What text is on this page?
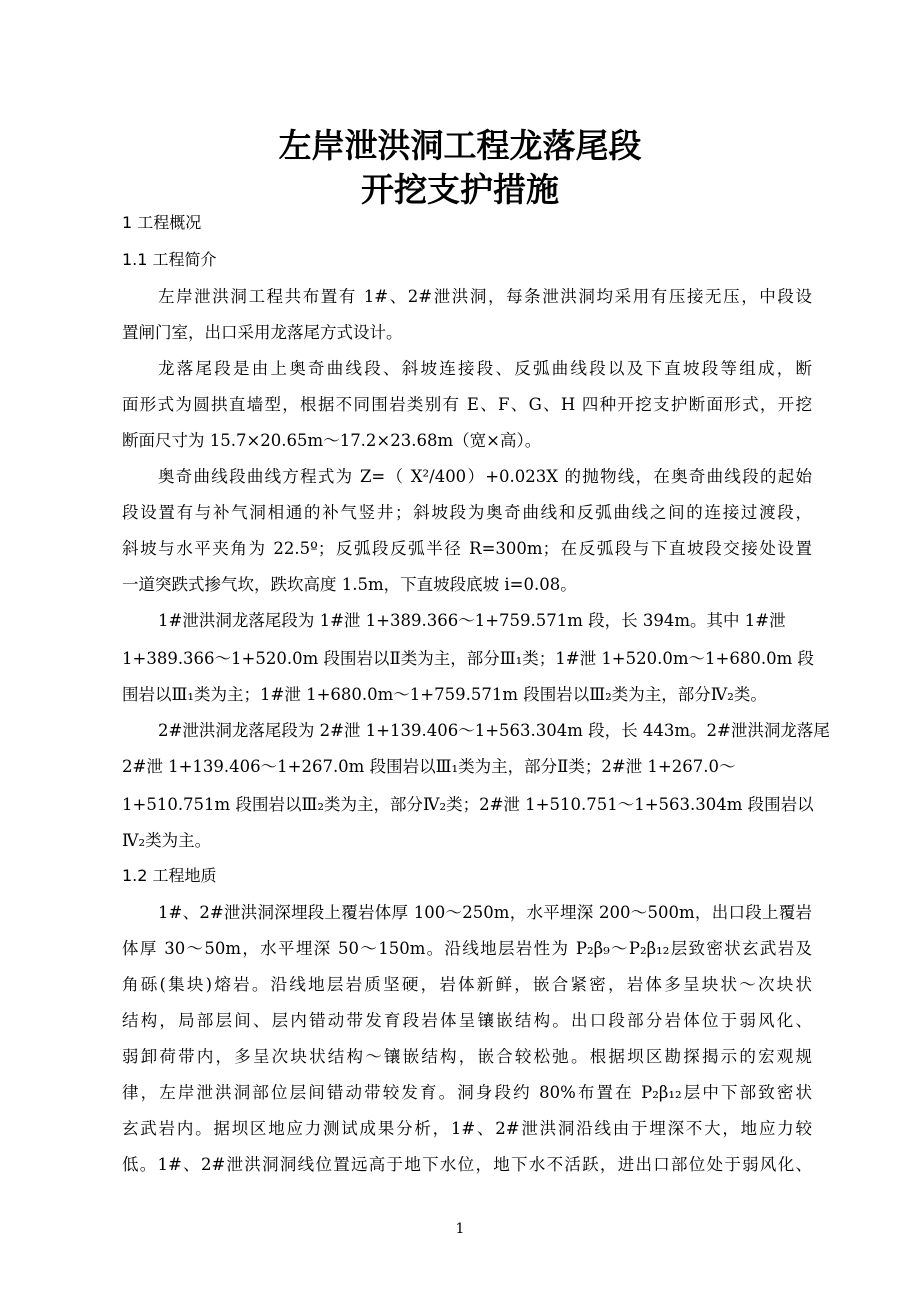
左岸泄洪洞工程龙落尾段
开挖支护措施
1 工程概况
1.1 工程简介
左岸泄洪洞工程共布置有 1#、2#泄洪洞，每条泄洪洞均采用有压接无压，中段设
置闸门室，出口采用龙落尾方式设计。
龙落尾段是由上奥奇曲线段、斜坡连接段、反弧曲线段以及下直坡段等组成，断
面形式为圆拱直墙型，根据不同围岩类别有 E、F、G、H 四种开挖支护断面形式，开挖
断面尺寸为 15.7×20.65m～17.2×23.68m（宽×高）。
奥奇曲线段曲线方程式为 Z=（ X²/400）+0.023X 的抛物线，在奥奇曲线段的起始
段设置有与补气洞相通的补气竖井；斜坡段为奥奇曲线和反弧曲线之间的连接过渡段，
斜坡与水平夹角为 22.5º；反弧段反弧半径 R=300m；在反弧段与下直坡段交接处设置
一道突跌式掺气坎，跌坎高度 1.5m，下直坡段底坡 i=0.08。
1#泄洪洞龙落尾段为 1#泄 1+389.366～1+759.571m 段，长 394m。其中 1#泄
1+389.366～1+520.0m 段围岩以Ⅱ类为主，部分Ⅲ₁类；1#泄 1+520.0m～1+680.0m 段
围岩以Ⅲ₁类为主；1#泄 1+680.0m～1+759.571m 段围岩以Ⅲ₂类为主，部分Ⅳ₂类。
2#泄洪洞龙落尾段为 2#泄 1+139.406～1+563.304m 段，长 443m。2#泄洪洞龙落尾
2#泄 1+139.406～1+267.0m 段围岩以Ⅲ₁类为主，部分Ⅱ类；2#泄 1+267.0～
1+510.751m 段围岩以Ⅲ₂类为主，部分Ⅳ₂类；2#泄 1+510.751～1+563.304m 段围岩以
Ⅳ₂类为主。
1.2 工程地质
1#、2#泄洪洞深埋段上覆岩体厚 100～250m，水平埋深 200～500m，出口段上覆岩
体厚 30～50m，水平埋深 50～150m。沿线地层岩性为 P₂β₉～P₂β₁₂层致密状玄武岩及
角砾(集块)熔岩。沿线地层岩质坚硬，岩体新鲜，嵌合紧密，岩体多呈块状～次块状
结构，局部层间、层内错动带发育段岩体呈镶嵌结构。出口段部分岩体位于弱风化、
弱卸荷带内，多呈次块状结构～镶嵌结构，嵌合较松弛。根据坝区勘探揭示的宏观规
律，左岸泄洪洞部位层间错动带较发育。洞身段约 80%布置在 P₂β₁₂层中下部致密状
玄武岩内。据坝区地应力测试成果分析，1#、2#泄洪洞沿线由于埋深不大，地应力较
低。1#、2#泄洪洞洞线位置远高于地下水位，地下水不活跃，进出口部位处于弱风化、
1
